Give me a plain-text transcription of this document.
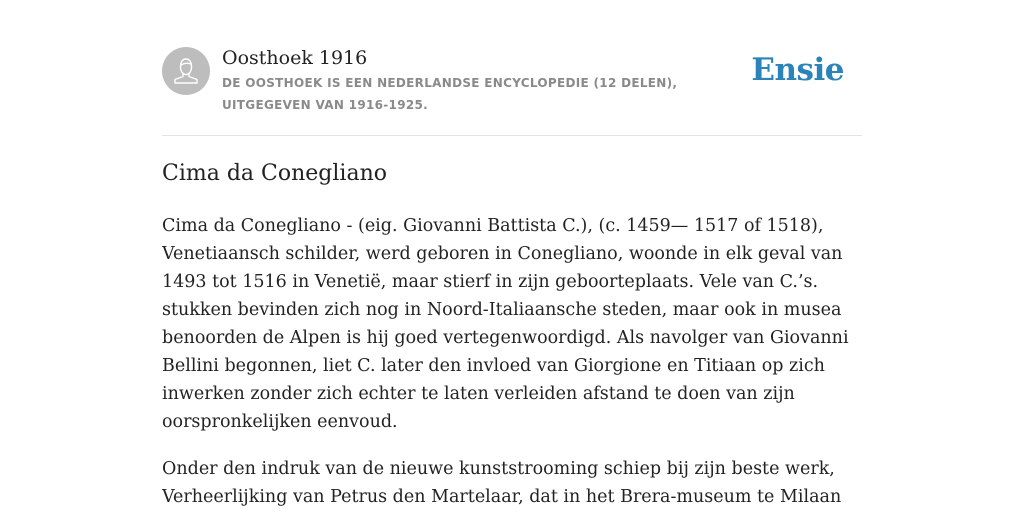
Oosthoek 1916
DE OOSTHOEK IS EEN NEDERLANDSE ENCYCLOPEDIE (12 DELEN), UITGEGEVEN VAN 1916-1925.
Ensie
Cima da Conegliano

Cima da Conegliano - (eig. Giovanni Battista C.), (c. 1459— 1517 of 1518), Venetiaansch schilder, werd geboren in Conegliano, woonde in elk geval van 1493 tot 1516 in Venetië, maar stierf in zijn geboorteplaats. Vele van C.’s. stukken bevinden zich nog in Noord-Italiaansche steden, maar ook in musea benoorden de Alpen is hij goed vertegenwoordigd. Als navolger van Giovanni Bellini begonnen, liet C. later den invloed van Giorgione en Titiaan op zich inwerken zonder zich echter te laten verleiden afstand te doen van zijn oorspronkelijken eenvoud.

Onder den indruk van de nieuwe kunststrooming schiep bij zijn beste werk, Verheerlijking van Petrus den Martelaar, dat in het Brera-museum te Milaan
